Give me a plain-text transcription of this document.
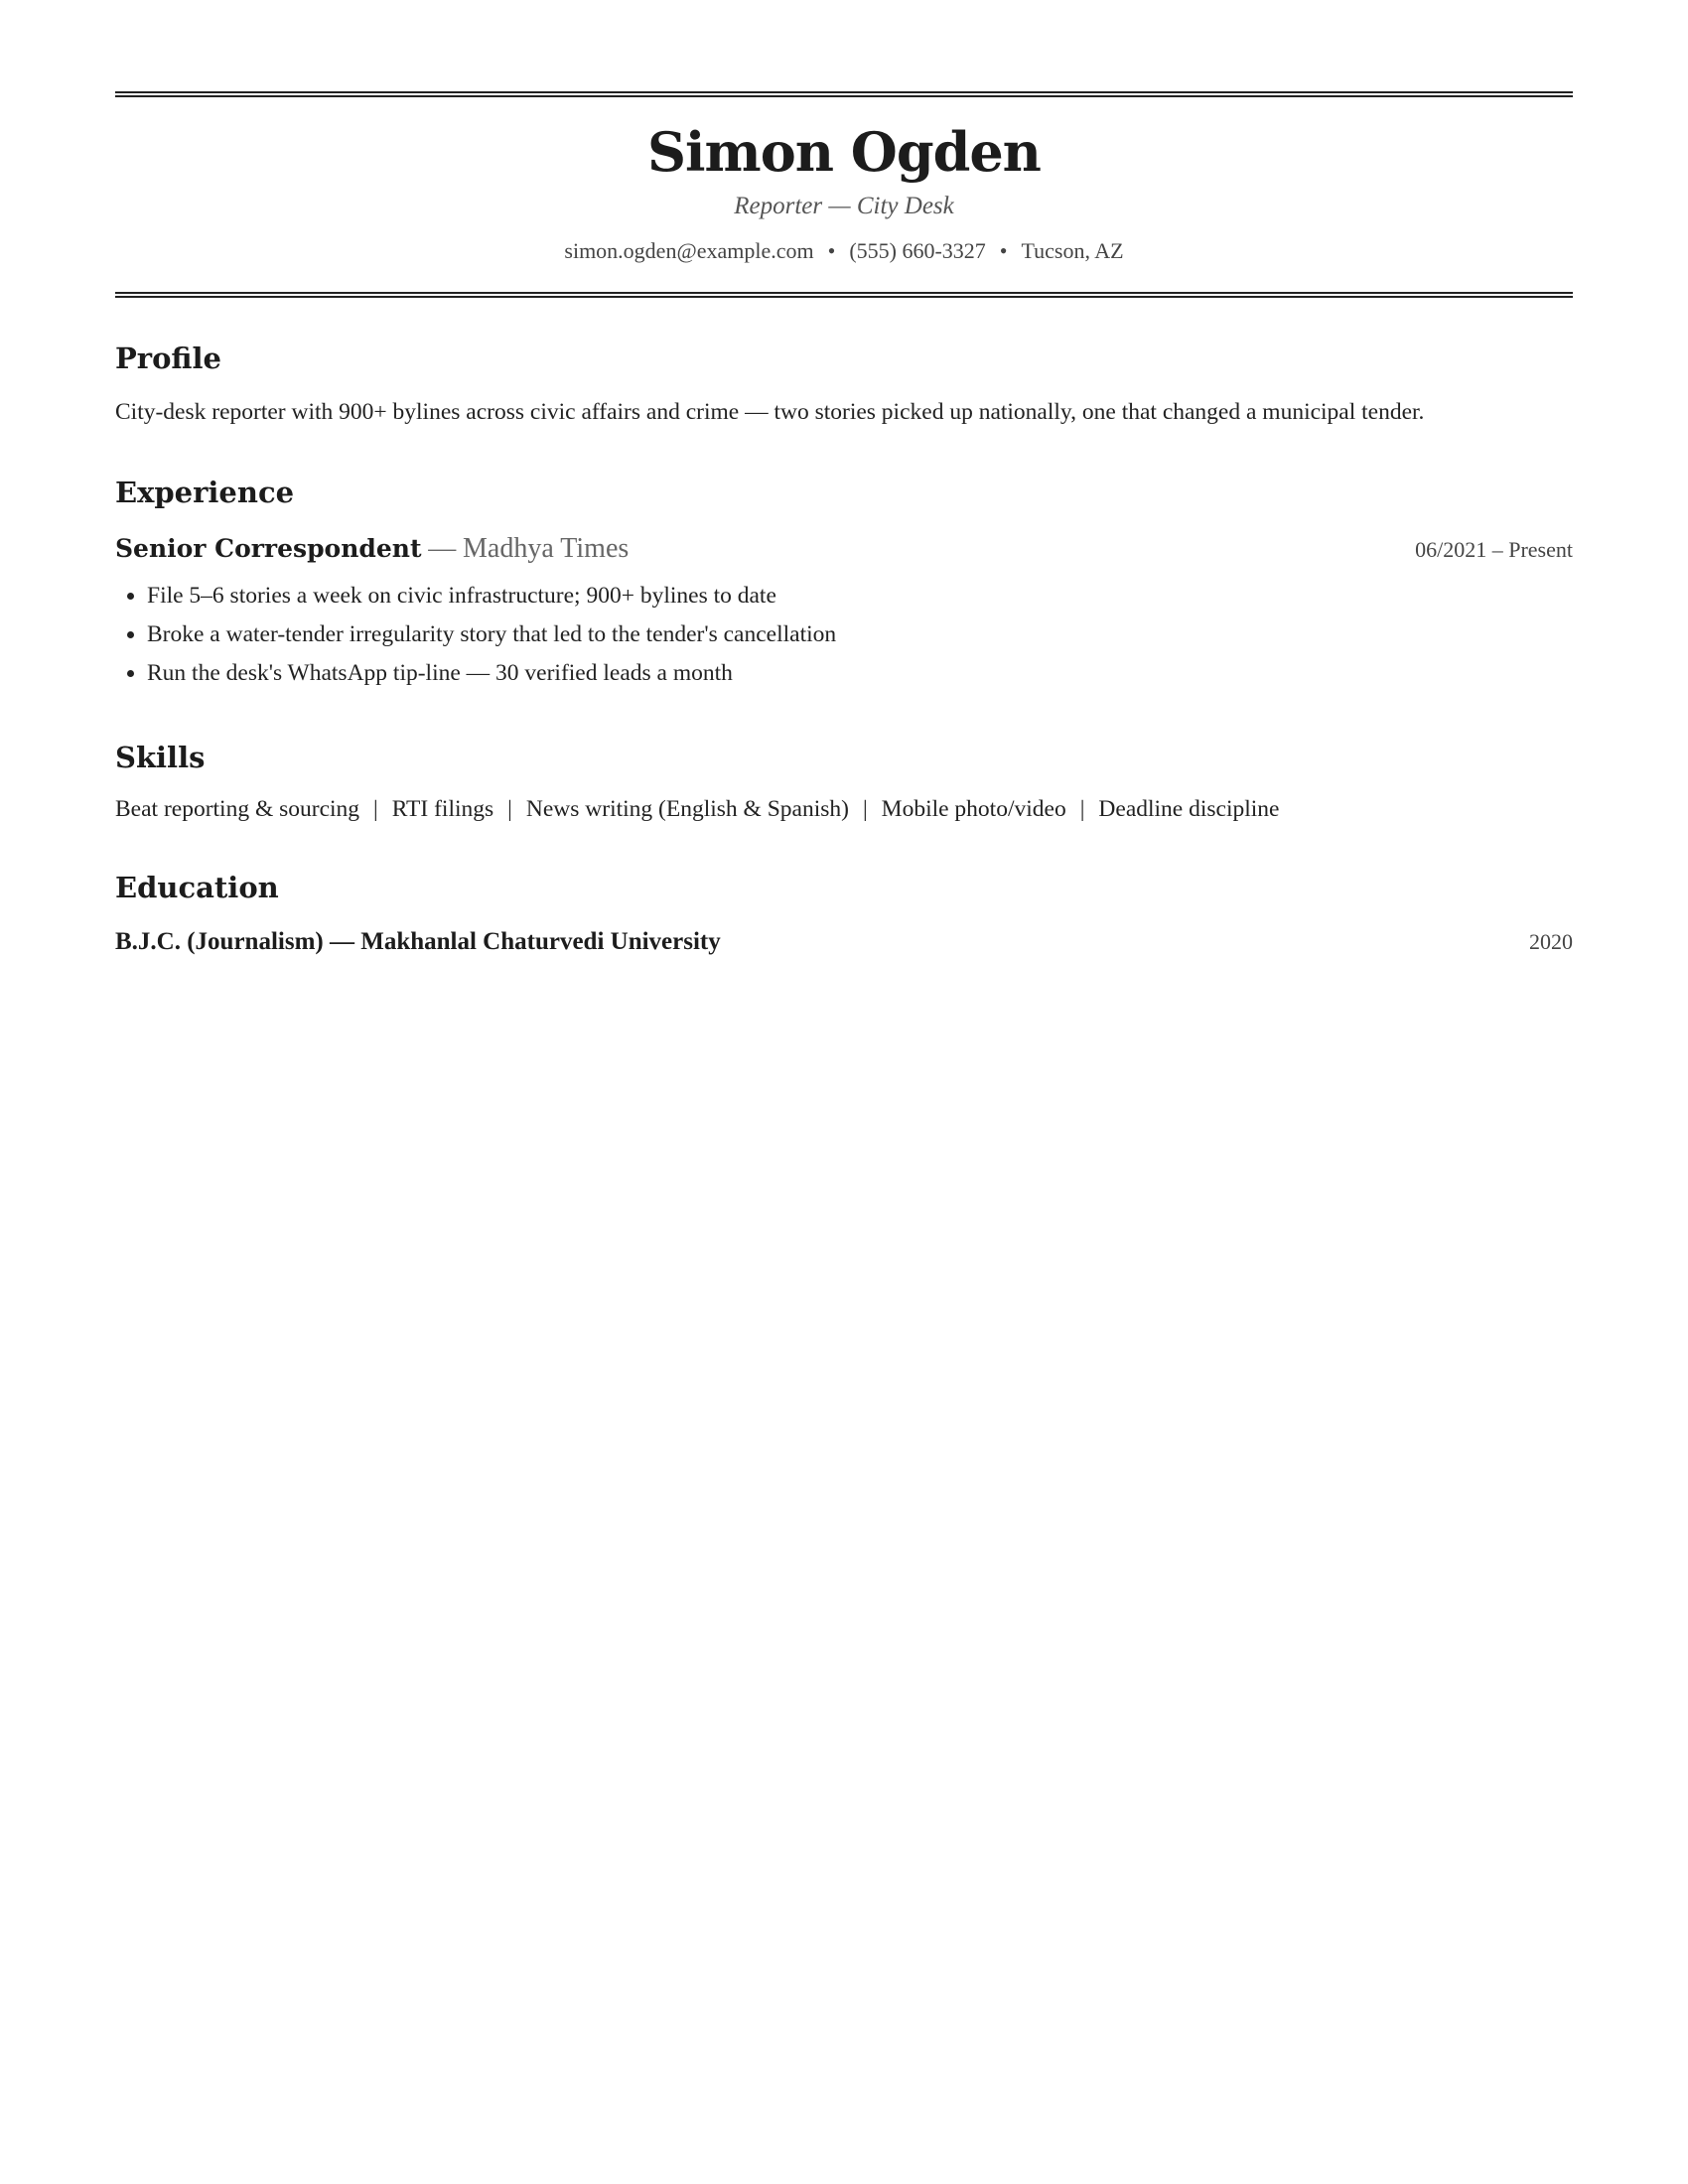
Simon Ogden
Reporter — City Desk
simon.ogden@example.com • (555) 660-3327 • Tucson, AZ
Profile

City-desk reporter with 900+ bylines across civic affairs and crime — two stories picked up nationally, one that changed a municipal tender.

Experience
Senior Correspondent — Madhya Times	06/2021 – Present
• File 5–6 stories a week on civic infrastructure; 900+ bylines to date
• Broke a water-tender irregularity story that led to the tender's cancellation
• Run the desk's WhatsApp tip-line — 30 verified leads a month
Skills
Beat reporting & sourcing | RTI filings | News writing (English & Spanish) | Mobile photo/video | Deadline discipline
Education
B.J.C. (Journalism) — Makhanlal Chaturvedi University	2020
